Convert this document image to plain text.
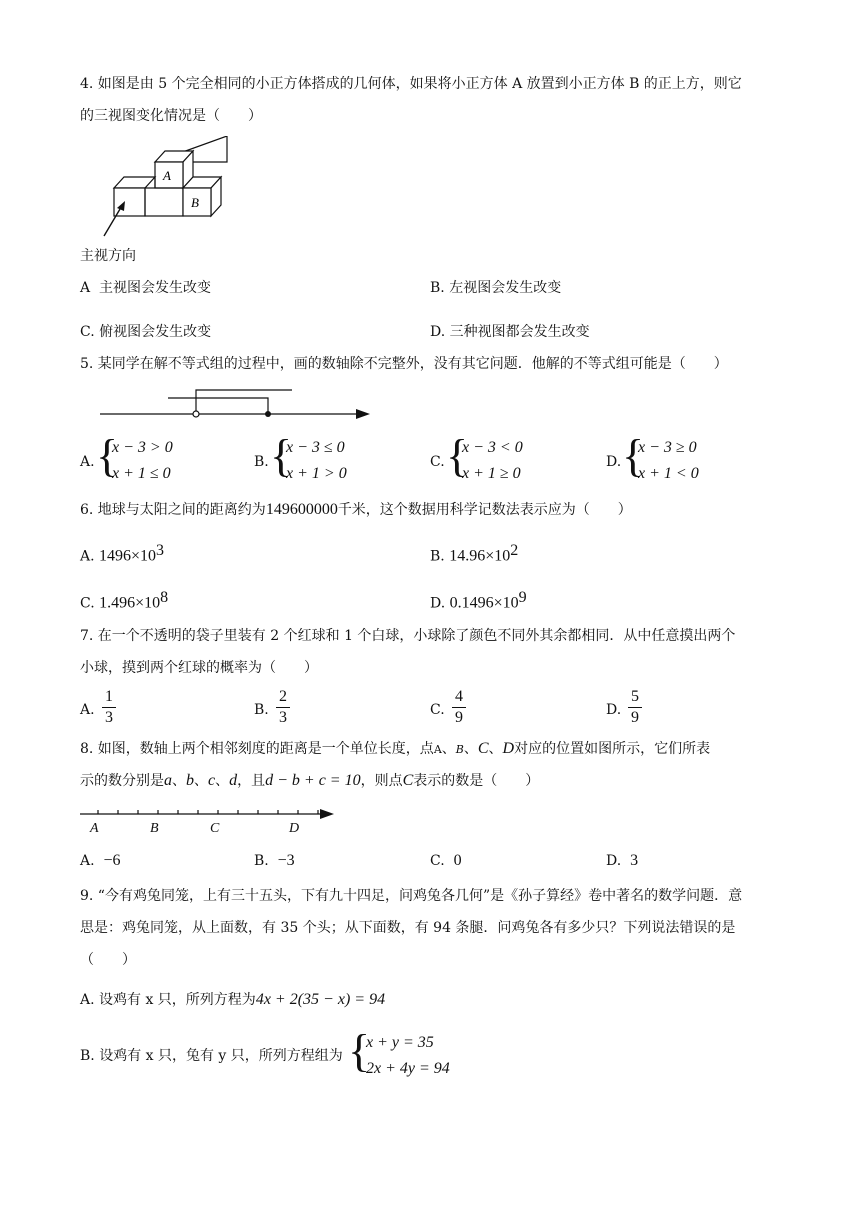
4. 如图是由 5 个完全相同的小正方体搭成的几何体，如果将小正方体 A 放置到小正方体 B 的正上方，则它
的三视图变化情况是（　　）
A
B
主视方向
A 主视图会发生改变	B. 左视图会发生改变
C. 俯视图会发生改变	D. 三种视图都会发生改变
5. 某同学在解不等式组的过程中，画的数轴除不完整外，没有其它问题．他解的不等式组可能是（　　）
A. {
x − 3 > 0
x + 1 ≤ 0
B. {
x − 3 ≤ 0
x + 1 > 0
C. {
x − 3 < 0
x + 1 ≥ 0
D. {
x − 3 ≥ 0
x + 1 < 0
6. 地球与太阳之间的距离约为149600000千米，这个数据用科学记数法表示应为（　　）
A. $1496\times 10^3$	B. $14.96\times 10^2$
C. $1.496\times 10^8$	D. $0.1496\times 10^9$
7. 在一个不透明的袋子里装有 2 个红球和 1 个白球，小球除了颜色不同外其余都相同．从中任意摸出两个
小球，摸到两个红球的概率为（　　）
A.
1
3	B.
2
3	C.
4
9	D.
5
9
8. 如图，数轴上两个相邻刻度的距离是一个单位长度，点A、B、C、D对应的位置如图所示，它们所表
示的数分别是a、b、c、d，且d − b + c = 10，则点C表示的数是（　　）
A	B	C	D
A. −6	B. −3	C. 0	D. 3
9. “今有鸡兔同笼，上有三十五头，下有九十四足，问鸡兔各几何”是《孙子算经》卷中著名的数学问题．意
思是：鸡兔同笼，从上面数，有 35 个头；从下面数，有 94 条腿．问鸡兔各有多少只？下列说法错误的是
（　　）
A. 设鸡有 x 只，所列方程为4x + 2(35 − x) = 94
B. 设鸡有 x 只，兔有 y 只，所列方程组为 {
x + y = 35
2x + 4y = 94
